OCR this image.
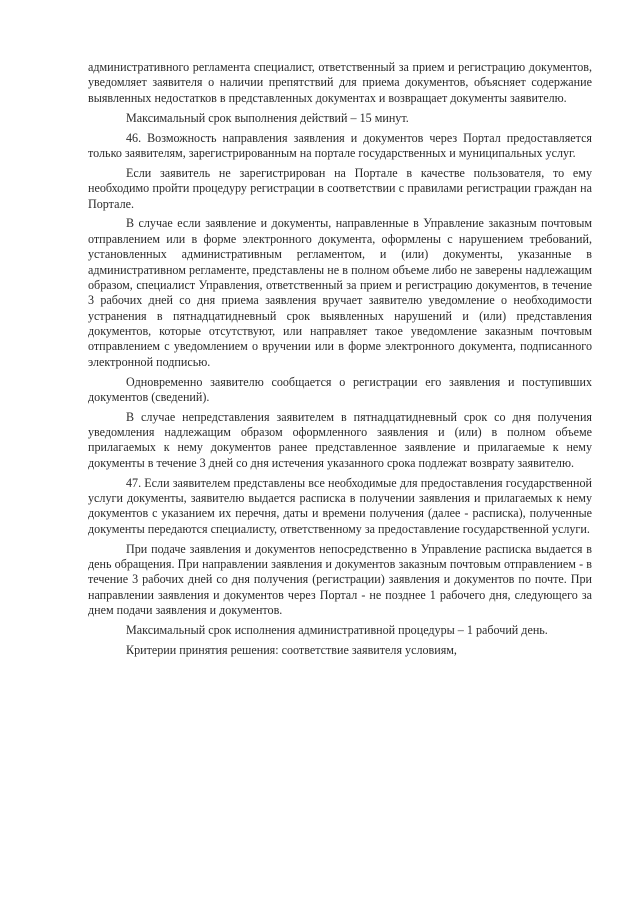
административного регламента специалист, ответственный за прием и регистрацию документов, уведомляет заявителя о наличии препятствий для приема документов, объясняет содержание выявленных недостатков в представленных документах и возвращает документы заявителю.

Максимальный срок выполнения действий – 15 минут.

46. Возможность направления заявления и документов через Портал предоставляется только заявителям, зарегистрированным на портале государственных и муниципальных услуг.

Если заявитель не зарегистрирован на Портале в качестве пользователя, то ему необходимо пройти процедуру регистрации в соответствии с правилами регистрации граждан на Портале.

В случае если заявление и документы, направленные в Управление заказным почтовым отправлением или в форме электронного документа, оформлены с нарушением требований, установленных административным регламентом, и (или) документы, указанные в административном регламенте, представлены не в полном объеме либо не заверены надлежащим образом, специалист Управления, ответственный за прием и регистрацию документов, в течение 3 рабочих дней со дня приема заявления вручает заявителю уведомление о необходимости устранения в пятнадцатидневный срок выявленных нарушений и (или) представления документов, которые отсутствуют, или направляет такое уведомление заказным почтовым отправлением с уведомлением о вручении или в форме электронного документа, подписанного электронной подписью.

Одновременно заявителю сообщается о регистрации его заявления и поступивших документов (сведений).

В случае непредставления заявителем в пятнадцатидневный срок со дня получения уведомления надлежащим образом оформленного заявления и (или) в полном объеме прилагаемых к нему документов ранее представленное заявление и прилагаемые к нему документы в течение 3 дней со дня истечения указанного срока подлежат возврату заявителю.

47. Если заявителем представлены все необходимые для предоставления государственной услуги документы, заявителю выдается расписка в получении заявления и прилагаемых к нему документов с указанием их перечня, даты и времени получения (далее - расписка), полученные документы передаются специалисту, ответственному за предоставление государственной услуги.

При подаче заявления и документов непосредственно в Управление расписка выдается в день обращения. При направлении заявления и документов заказным почтовым отправлением - в течение 3 рабочих дней со дня получения (регистрации) заявления и документов по почте. При направлении заявления и документов через Портал - не позднее 1 рабочего дня, следующего за днем подачи заявления и документов.

Максимальный срок исполнения административной процедуры – 1 рабочий день.

Критерии принятия решения: соответствие заявителя условиям,
